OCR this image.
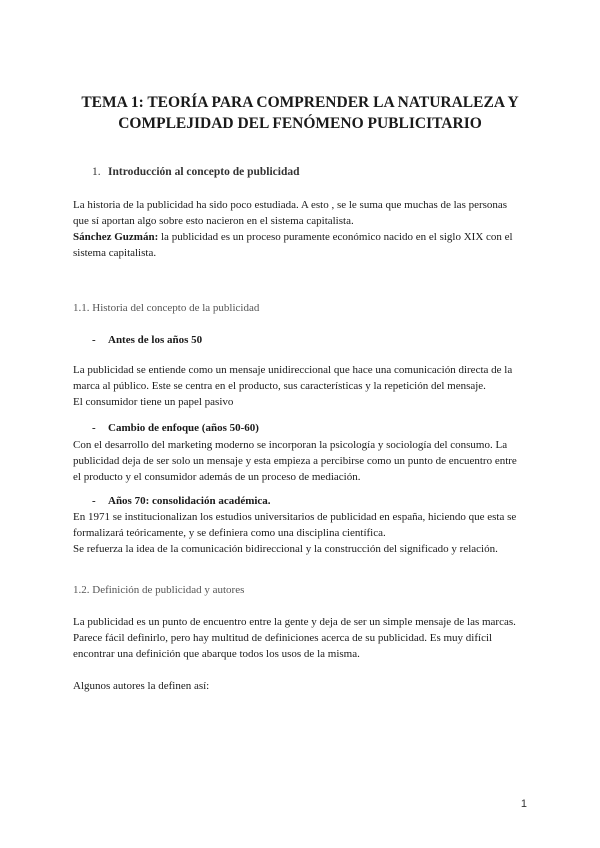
TEMA 1: TEORÍA PARA COMPRENDER LA NATURALEZA Y
COMPLEJIDAD DEL FENÓMENO PUBLICITARIO
1. Introducción al concepto de publicidad

La historia de la publicidad ha sido poco estudiada. A esto , se le suma que muchas de las personas
que sí aportan algo sobre esto nacieron en el sistema capitalista.

Sánchez Guzmán: la publicidad es un proceso puramente económico nacido en el siglo XIX con el
sistema capitalista.

1.1. Historia del concepto de la publicidad
- Antes de los años 50

La publicidad se entiende como un mensaje unidireccional que hace una comunicación directa de la
marca al público. Este se centra en el producto, sus características y la repetición del mensaje.
El consumidor tiene un papel pasivo

- Cambio de enfoque (años 50-60)

Con el desarrollo del marketing moderno se incorporan la psicología y sociología del consumo. La
publicidad deja de ser solo un mensaje y esta empieza a percibirse como un punto de encuentro entre
el producto y el consumidor además de un proceso de mediación.

- Años 70: consolidación académica.

En 1971 se institucionalizan los estudios universitarios de publicidad en españa, hiciendo que esta se
formalizará teóricamente, y se definiera como una disciplina científica.
Se refuerza la idea de la comunicación bidireccional y la construcción del significado y relación.

1.2. Definición de publicidad y autores

La publicidad es un punto de encuentro entre la gente y deja de ser un simple mensaje de las marcas.
Parece fácil definirlo, pero hay multitud de definiciones acerca de su publicidad. Es muy difícil
encontrar una definición que abarque todos los usos de la misma.

Algunos autores la definen así:

1
